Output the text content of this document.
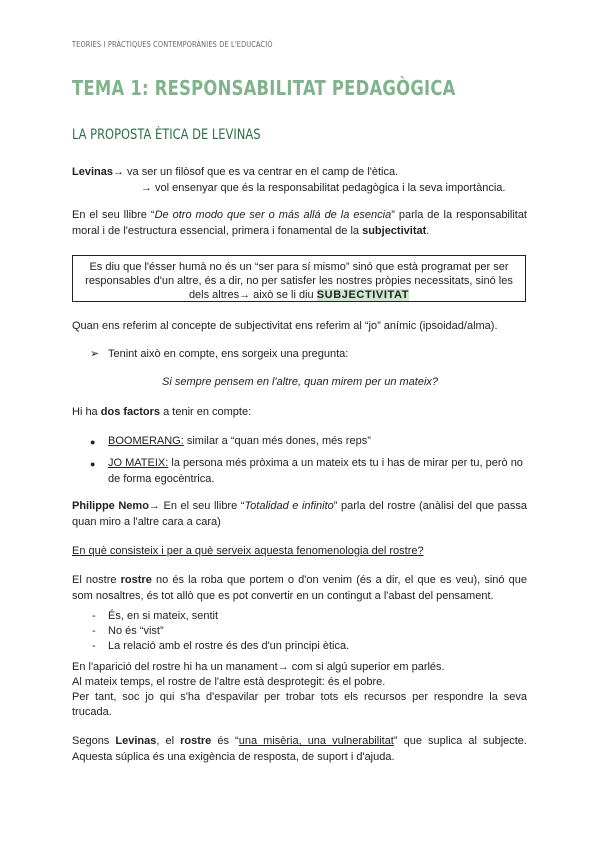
TEORIES I PRÀCTIQUES CONTEMPORÀNIES DE L'EDUCACIÓ
TEMA 1: RESPONSABILITAT PEDAGÒGICA
LA PROPOSTA ÈTICA DE LEVINAS
Levinas→ va ser un filòsof que es va centrar en el camp de l'ètica.
→ vol ensenyar que és la responsabilitat pedagògica i la seva importància.
En el seu llibre “De otro modo que ser o más allá de la esencia” parla de la responsabilitat
moral i de l'estructura essencial, primera i fonamental de la subjectivitat.
Es diu que l'ésser humà no és un “ser para sí mismo” sinó que està programat per ser
responsables d'un altre, és a dir, no per satisfer les nostres pròpies necessitats, sinó les
dels altres→ això se li diu SUBJECTIVITAT
Quan ens referim al concepte de subjectivitat ens referim al “jo” anímic (ipsoidad/alma).
➢ Tenint això en compte, ens sorgeix una pregunta:
Si sempre pensem en l'altre, quan mirem per un mateix?
Hi ha dos factors a tenir en compte:
● BOOMERANG: similar a “quan més dones, més reps”
● JO MATEIX: la persona més pròxima a un mateix ets tu i has de mirar per tu, però no
de forma egocèntrica.
Philippe Nemo→ En el seu llibre “Totalidad e infinito” parla del rostre (anàlisi del que passa
quan miro a l'altre cara a cara)
En què consisteix i per a què serveix aquesta fenomenologia del rostre?
El nostre rostre no és la roba que portem o d'on venim (és a dir, el que es veu), sinó que
som nosaltres, és tot allò que es pot convertir en un contingut a l'abast del pensament.
- És, en si mateix, sentit
- No és “vist”
- La relació amb el rostre és des d'un principi ètica.
En l'aparició del rostre hi ha un manament→ com si algú superior em parlés.
Al mateix temps, el rostre de l'altre està desprotegit: és el pobre.
Per tant, soc jo qui s'ha d'espavilar per trobar tots els recursos per respondre la seva
trucada.
Segons Levinas, el rostre és “una misèria, una vulnerabilitat” que suplica al subjecte.
Aquesta súplica és una exigència de resposta, de suport i d'ajuda.
